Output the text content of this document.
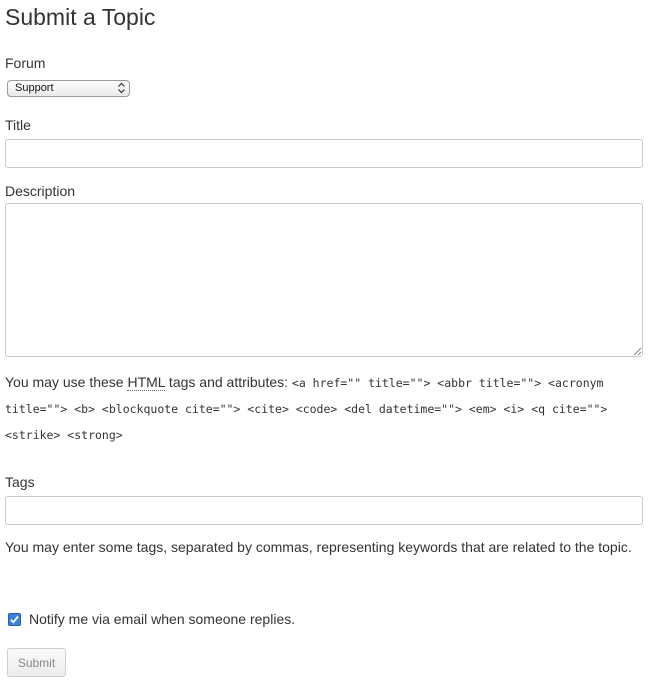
Submit a Topic
Forum
Support
Title
Description
You may use these HTML tags and attributes: <a href="" title=""> <abbr title=""> <acronym title=""> <b> <blockquote cite=""> <cite> <code> <del datetime=""> <em> <i> <q cite=""> <strike> <strong>
Tags
You may enter some tags, separated by commas, representing keywords that are related to the topic.
Notify me via email when someone replies.
Submit
